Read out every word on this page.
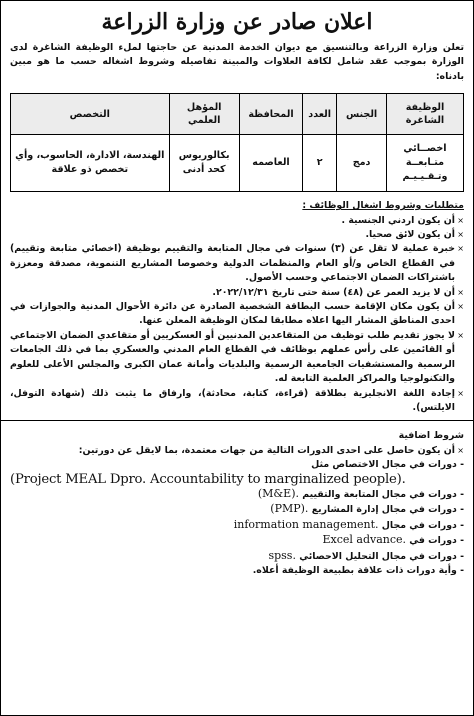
اعلان صادر عن وزارة الزراعة

تعلن وزارة الزراعة وبالتنسيق مع ديوان الخدمة المدنية عن حاجتها لملء الوظيفة الشاغرة لدى الوزارة بموجب عقد شامل لكافة العلاوات والمبينة تفاصيله وشروط اشغاله حسب ما هو مبين بادناه:

الوظيفة الشاغرة	الجنس	العدد	المحافظة	المؤهل العلمي	التخصص
اخصــائي متـابعــة وتـقـيـيـم	دمج	٢	العاصمه	بكالوريوس كحد أدنى	الهندسة، الادارة، الحاسوب، وأي تخصص ذو علاقة

متطلبات وشروط اشغال الوظائف :

× أن يكون اردني الجنسية .
× أن يكون لائق صحيا.
× خبرة عملية لا تقل عن (٣) سنوات في مجال المتابعة والتقييم بوظيفة (اخصائي متابعة وتقييم) في القطاع الخاص و/أو العام والمنظمات الدولية وخصوصا المشاريع التنموية، مصدقة ومعززة باشتراكات الضمان الاجتماعي وحسب الأصول.
× أن لا يزيد العمر عن (٤٨) سنة حتى تاريخ ٢٠٢٢/١٢/٣١.
× أن يكون مكان الإقامة حسب البطاقة الشخصية الصادرة عن دائرة الأحوال المدنية والجوازات في احدى المناطق المشار اليها اعلاه مطابقا لمكان الوظيفة المعلن عنها.
× لا يجوز تقديم طلب توظيف من المتقاعدين المدنيين أو العسكريين أو متقاعدي الضمان الاجتماعي أو القائمين على رأس عملهم بوظائف في القطاع العام المدني والعسكري بما في ذلك الجامعات الرسمية والمستشفيات الجامعية الرسمية والبلديات وأمانة عمان الكبرى والمجلس الأعلى للعلوم والتكنولوجيا والمراكز العلمية التابعة له.
× إجادة اللغة الانجليزية بطلاقة (قراءة، كتابة، محادثة)، وارفاق ما يثبت ذلك (شهادة التوفل، الايلتس).

شروط اضافية

× أن يكون حاصل على احدى الدورات التالية من جهات معتمدة، بما لايقل عن دورتين:
- دورات في مجال الاختصاص مثل
(Project MEAL Dpro. Accountability to marginalized people).
- دورات في مجال المتابعة والتقييم (M&E).
- دورات في مجال إدارة المشاريع (PMP).
- دورات في مجال information management.
- دورات في Excel advance.
- دورات في مجال التحليل الاحصائي spss.
- وأية دورات ذات علاقة بطبيعة الوظيفة أعلاه.
